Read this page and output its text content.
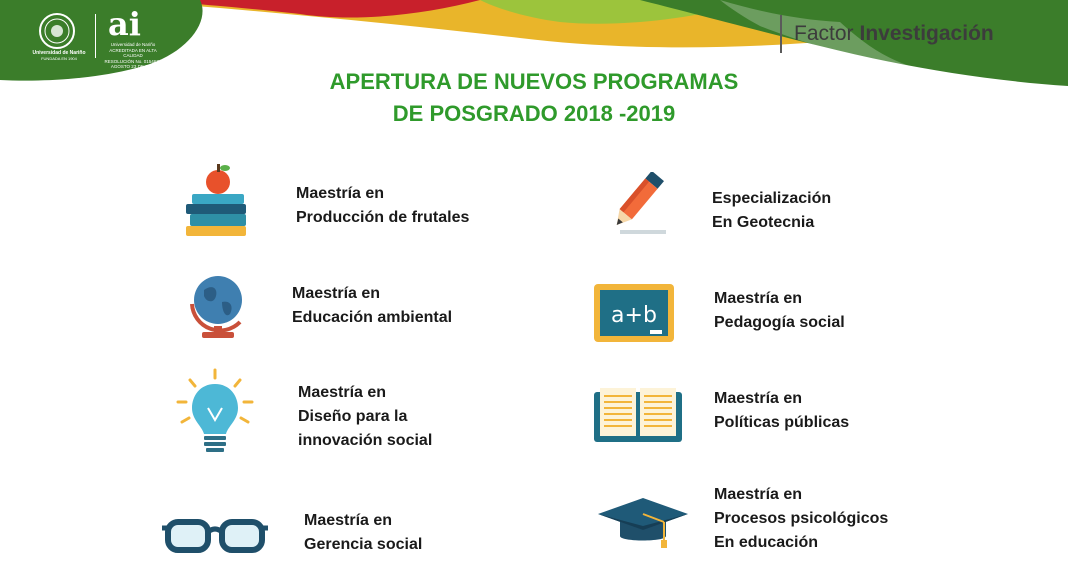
Universidad de Nariño
FUNDADA EN 1904
ai
Universidad de Nariño
ACREDITADA EN ALTA CALIDAD
RESOLUCIÓN No. 015467 - AGOSTO 23 DE 2017
Factor Investigación
APERTURA DE NUEVOS PROGRAMAS
DE POSGRADO 2018 -2019
Maestría en
Producción de frutales
Maestría en
Educación ambiental
Maestría en
Diseño para la
innovación social
Maestría en
Gerencia social
Especialización
En Geotecnia
a+b
Maestría en
Pedagogía social
Maestría en
Políticas públicas
Maestría en
Procesos psicológicos
En educación
